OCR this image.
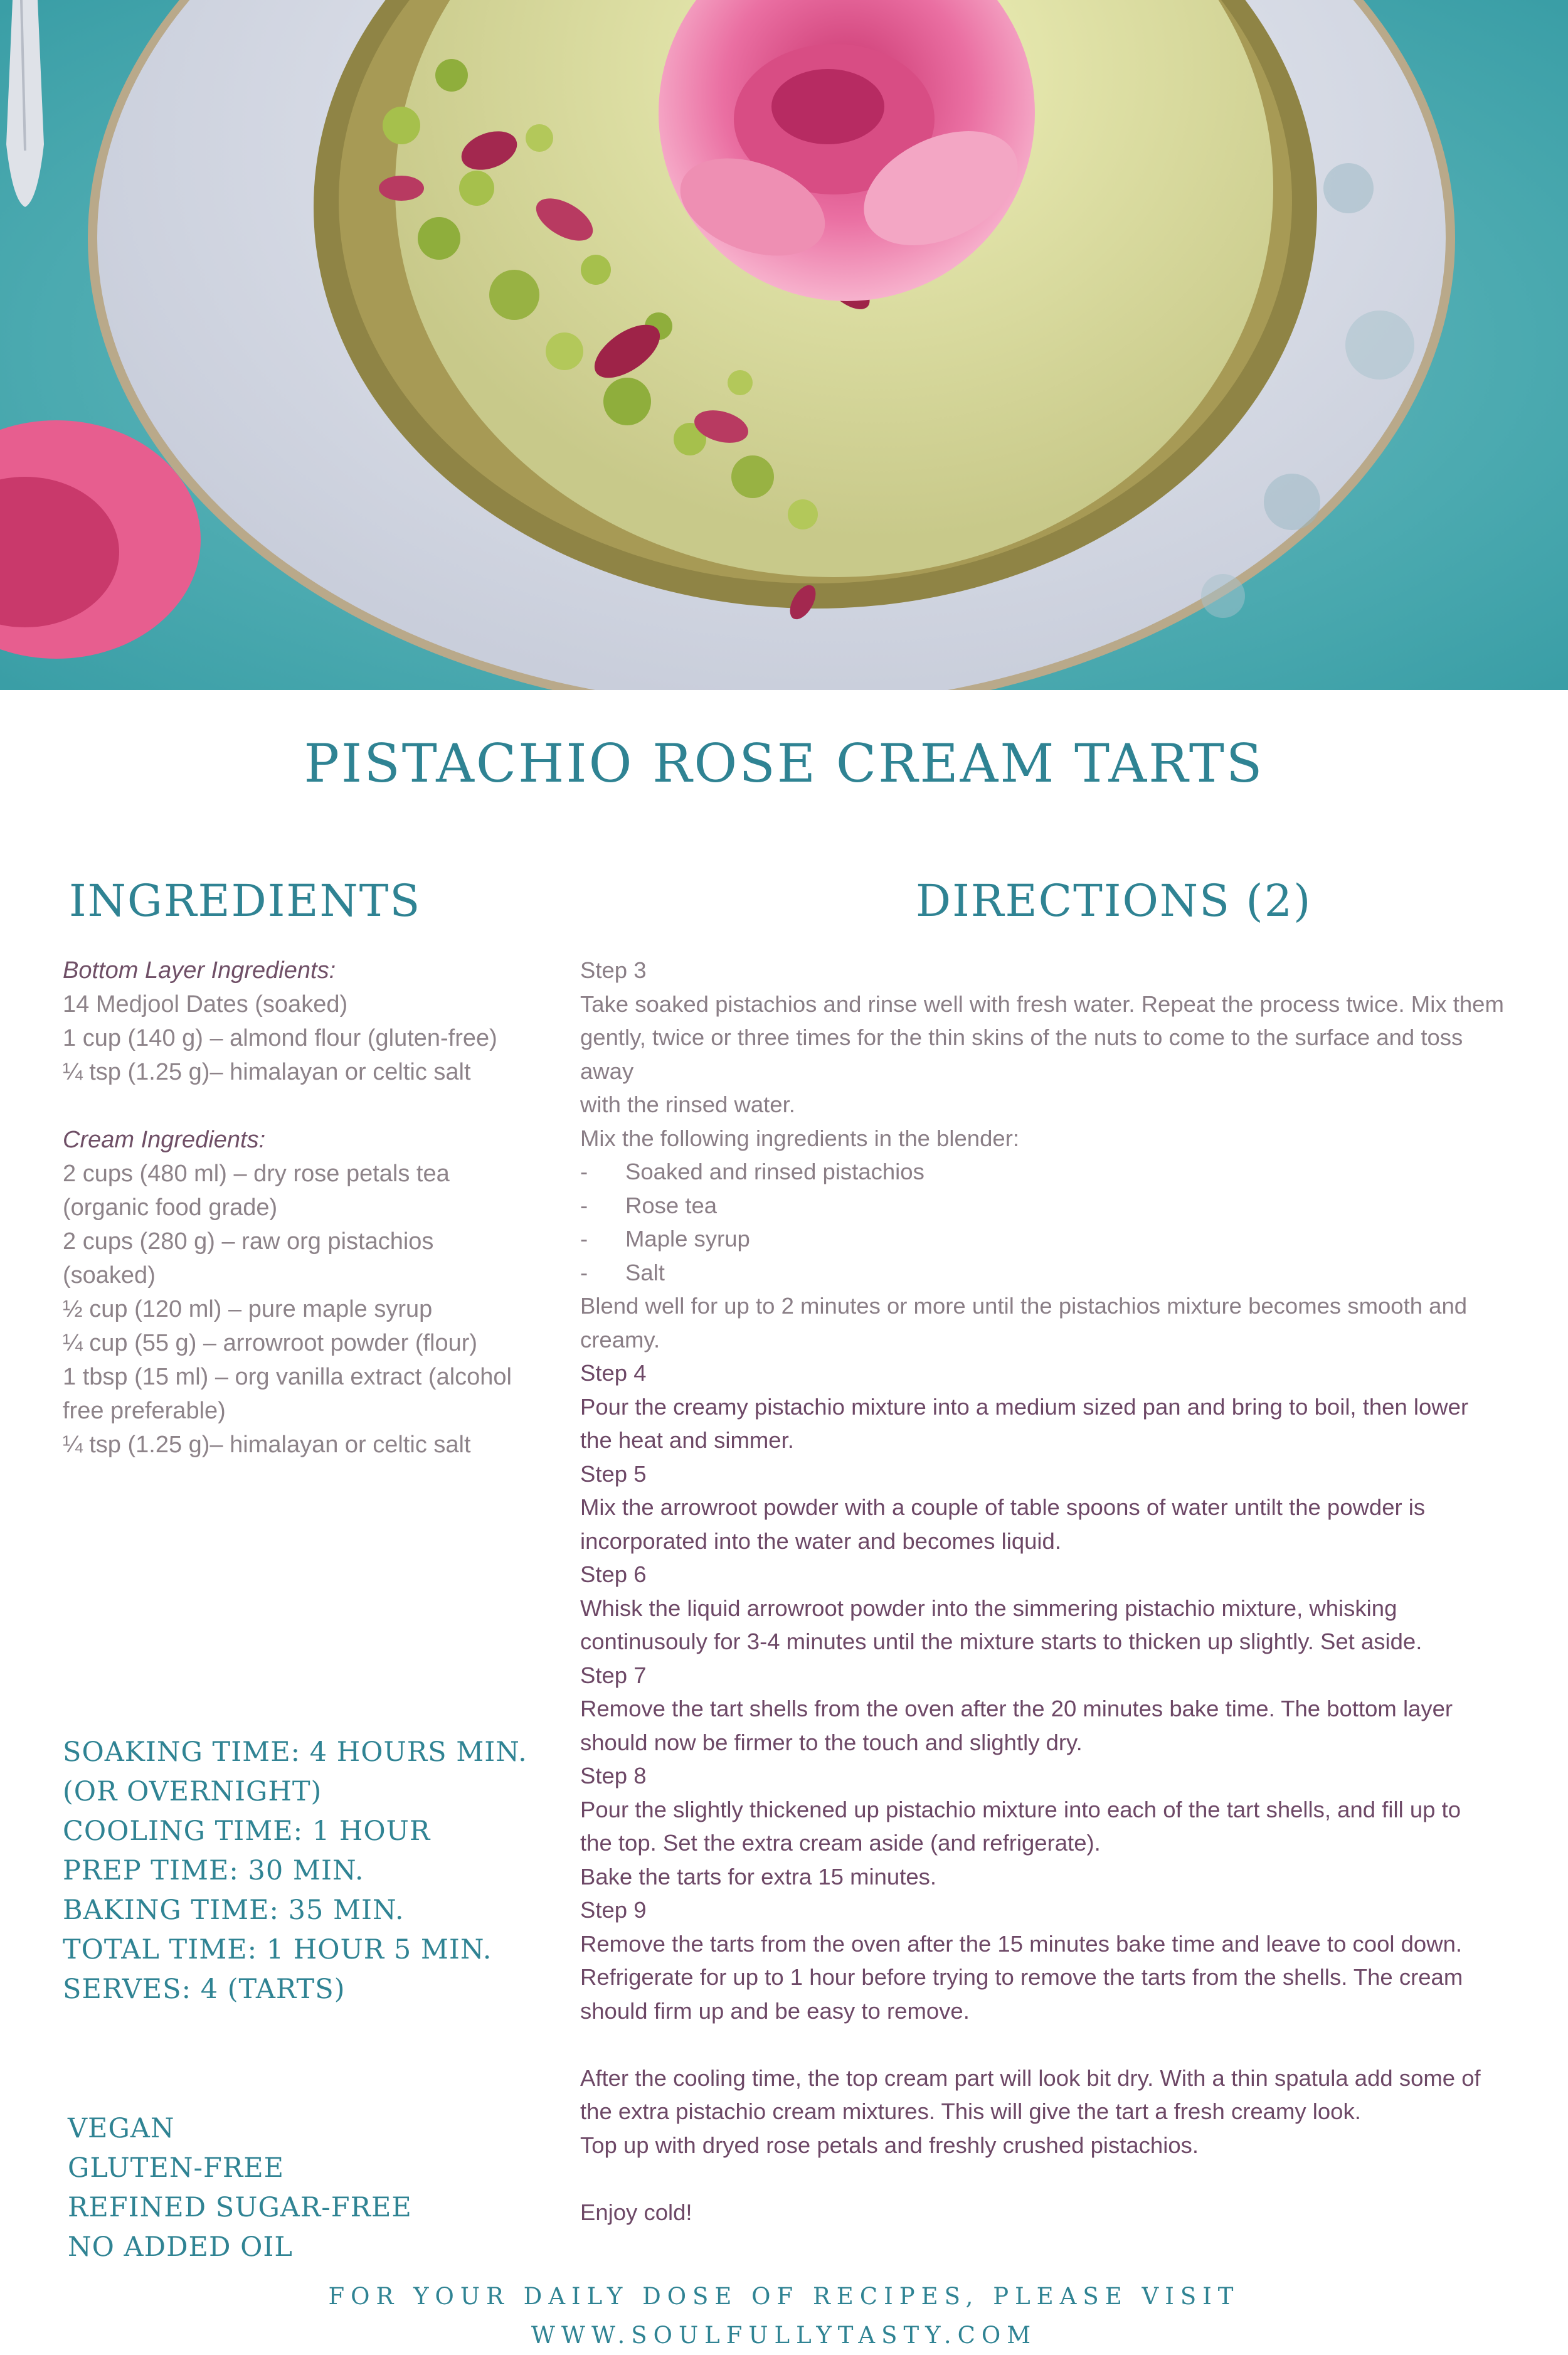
PISTACHIO ROSE CREAM TARTS
INGREDIENTS	DIRECTIONS (2)
Bottom Layer Ingredients:
14 Medjool Dates (soaked)
1 cup (140 g) – almond flour (gluten-free)
¼ tsp (1.25 g)– himalayan or celtic salt
Cream Ingredients:
2 cups (480 ml) – dry rose petals tea
(organic food grade)
2 cups (280 g) – raw org pistachios
(soaked)
½ cup (120 ml) – pure maple syrup
¼ cup (55 g) – arrowroot powder (flour)
1 tbsp (15 ml) – org vanilla extract (alcohol
free preferable)
¼ tsp (1.25 g)– himalayan or celtic salt
Step 3
Take soaked pistachios and rinse well with fresh water. Repeat the process twice. Mix them
gently, twice or three times for the thin skins of the nuts to come to the surface and toss away
with the rinsed water.
Mix the following ingredients in the blender:
-	Soaked and rinsed pistachios
-	Rose tea
-	Maple syrup
-	Salt
Blend well for up to 2 minutes or more until the pistachios mixture becomes smooth and
creamy.
Step 4
Pour the creamy pistachio mixture into a medium sized pan and bring to boil, then lower
the heat and simmer.
Step 5
Mix the arrowroot powder with a couple of table spoons of water untilt the powder is
incorporated into the water and becomes liquid.
Step 6
Whisk the liquid arrowroot powder into the simmering pistachio mixture, whisking
continusouly for 3-4 minutes until the mixture starts to thicken up slightly. Set aside.
Step 7
Remove the tart shells from the oven after the 20 minutes bake time. The bottom layer
should now be firmer to the touch and slightly dry.
Step 8
Pour the slightly thickened up pistachio mixture into each of the tart shells, and fill up to
the top. Set the extra cream aside (and refrigerate).
Bake the tarts for extra 15 minutes.
Step 9
Remove the tarts from the oven after the 15 minutes bake time and leave to cool down.
Refrigerate for up to 1 hour before trying to remove the tarts from the shells. The cream
should firm up and be easy to remove.
After the cooling time, the top cream part will look bit dry. With a thin spatula add some of
the extra pistachio cream mixtures. This will give the tart a fresh creamy look.
Top up with dryed rose petals and freshly crushed pistachios.
Enjoy cold!
SOAKING TIME: 4 HOURS MIN.
(OR OVERNIGHT)
COOLING TIME: 1 HOUR
PREP TIME: 30 MIN.
BAKING TIME: 35 MIN.
TOTAL TIME: 1 HOUR 5 MIN.
SERVES: 4 (TARTS)
VEGAN
GLUTEN-FREE
REFINED SUGAR-FREE
NO ADDED OIL
FOR YOUR DAILY DOSE OF RECIPES, PLEASE VISIT
WWW.SOULFULLYTASTY.COM
